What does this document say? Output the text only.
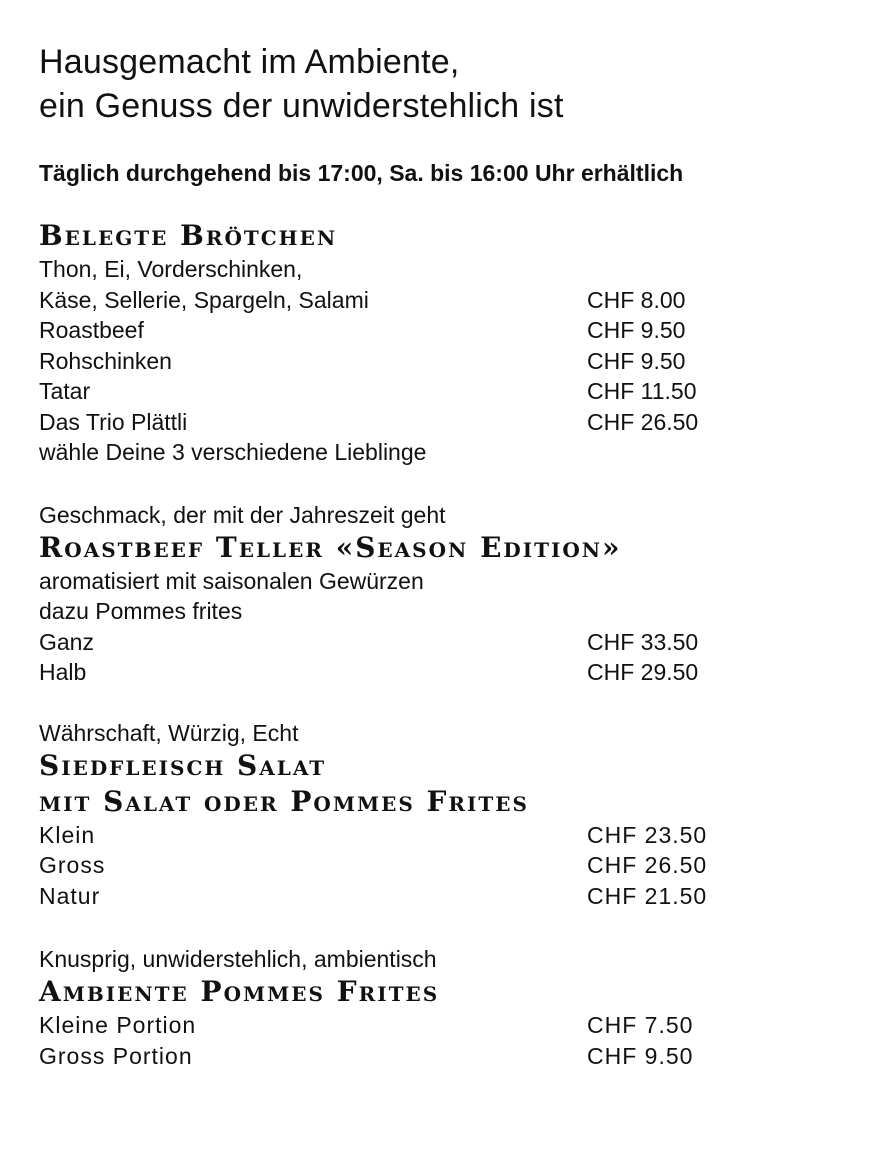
Hausgemacht im Ambiente,
ein Genuss der unwiderstehlich ist

Täglich durchgehend bis 17:00, Sa. bis 16:00 Uhr erhältlich

Belegte Brötchen

Thon, Ei, Vorderschinken,

Käse, Sellerie, Spargeln, Salami	CHF 8.00
Roastbeef	CHF 9.50
Rohschinken	CHF 9.50
Tatar	CHF 11.50
Das Trio Plättli	CHF 26.50

wähle Deine 3 verschiedene Lieblinge

Geschmack, der mit der Jahreszeit geht

Roastbeef Teller «Season Edition»

aromatisiert mit saisonalen Gewürzen

dazu Pommes frites

Ganz	CHF 33.50
Halb	CHF 29.50

Währschaft, Würzig, Echt

Siedfleisch Salat
mit Salat oder Pommes Frites
Klein	CHF 23.50
Gross	CHF 26.50
Natur	CHF 21.50

Knusprig, unwiderstehlich, ambientisch

Ambiente Pommes Frites
Kleine Portion	CHF 7.50
Gross Portion	CHF 9.50
